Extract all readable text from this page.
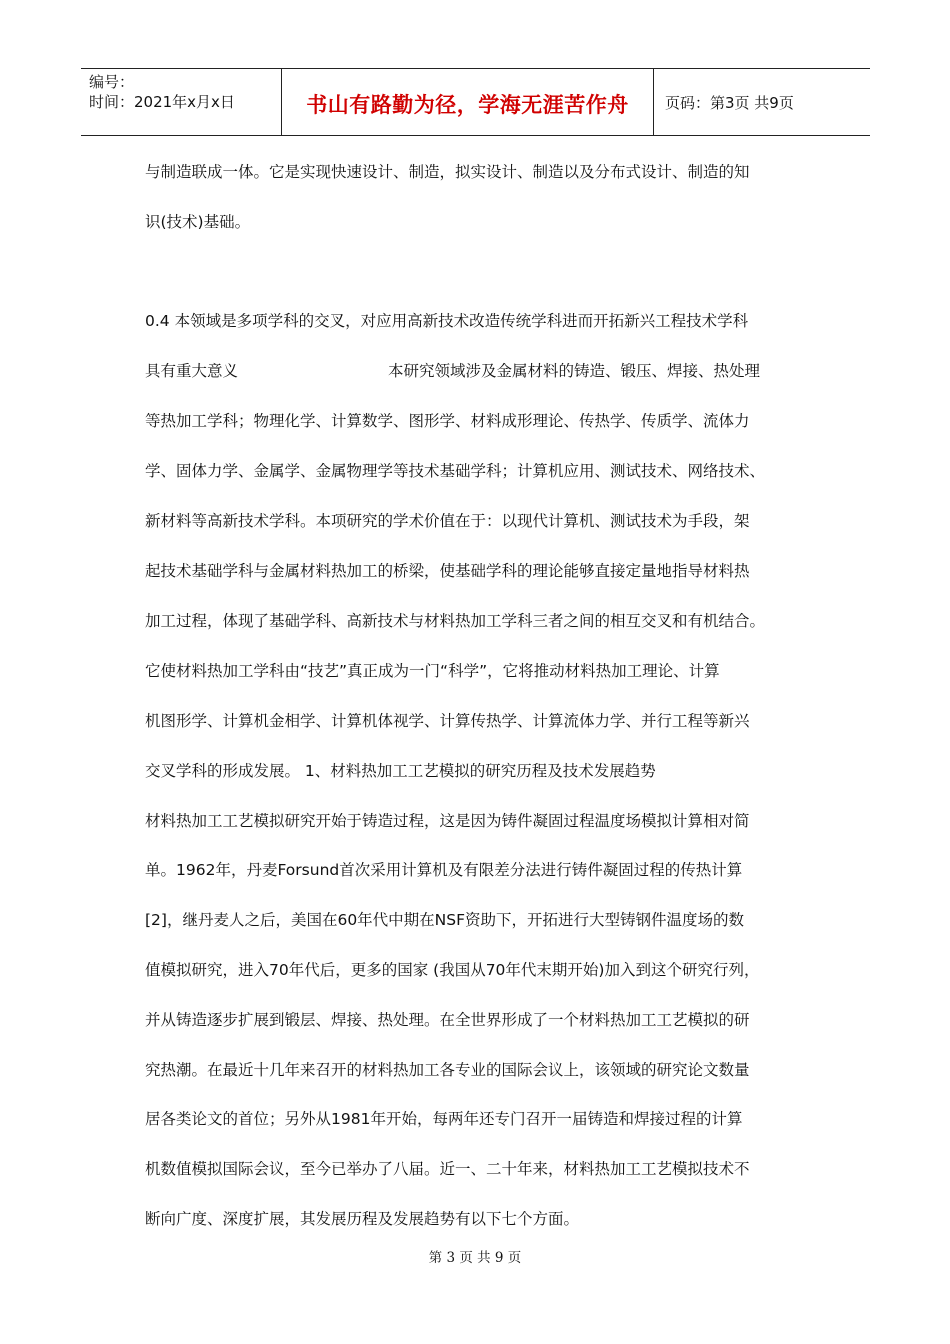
编号：
时间：2021年x月x日	书山有路勤为径，学海无涯苦作舟	页码：第3页 共9页
与制造联成一体。它是实现快速设计、制造，拟实设计、制造以及分布式设计、制造的知
识(技术)基础。
0.4 本领域是多项学科的交叉，对应用高新技术改造传统学科进而开拓新兴工程技术学科
具有重大意义	本研究领域涉及金属材料的铸造、锻压、焊接、热处理
等热加工学科；物理化学、计算数学、图形学、材料成形理论、传热学、传质学、流体力
学、固体力学、金属学、金属物理学等技术基础学科；计算机应用、测试技术、网络技术、
新材料等高新技术学科。本项研究的学术价值在于：以现代计算机、测试技术为手段，架
起技术基础学科与金属材料热加工的桥梁，使基础学科的理论能够直接定量地指导材料热
加工过程，体现了基础学科、高新技术与材料热加工学科三者之间的相互交叉和有机结合。
它使材料热加工学科由“技艺”真正成为一门“科学”，它将推动材料热加工理论、计算
机图形学、计算机金相学、计算机体视学、计算传热学、计算流体力学、并行工程等新兴
交叉学科的形成发展。 1、材料热加工工艺模拟的研究历程及技术发展趋势
材料热加工工艺模拟研究开始于铸造过程，这是因为铸件凝固过程温度场模拟计算相对简
单。1962年，丹麦Forsund首次采用计算机及有限差分法进行铸件凝固过程的传热计算
[2]，继丹麦人之后，美国在60年代中期在NSF资助下，开拓进行大型铸钢件温度场的数
值模拟研究，进入70年代后，更多的国家 (我国从70年代末期开始)加入到这个研究行列，
并从铸造逐步扩展到锻层、焊接、热处理。在全世界形成了一个材料热加工工艺模拟的研
究热潮。在最近十几年来召开的材料热加工各专业的国际会议上，该领域的研究论文数量
居各类论文的首位；另外从1981年开始，每两年还专门召开一届铸造和焊接过程的计算
机数值模拟国际会议，至今已举办了八届。近一、二十年来，材料热加工工艺模拟技术不
断向广度、深度扩展，其发展历程及发展趋势有以下七个方面。
第 3 页 共 9 页
